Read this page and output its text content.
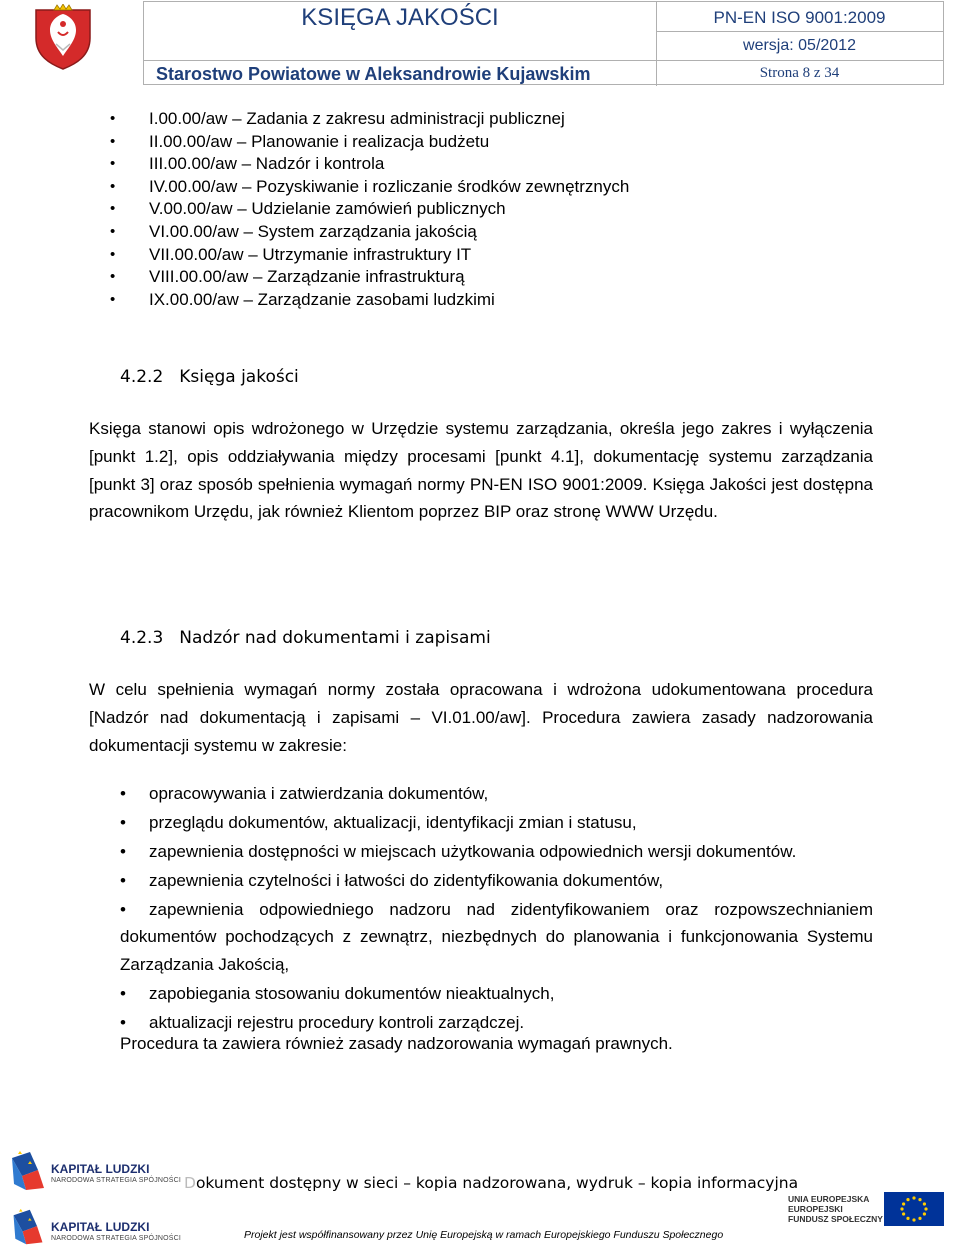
KSIĘGA JAKOŚCI	PN-EN ISO 9001:2009
wersja: 05/2012
Starostwo Powiatowe w Aleksandrowie Kujawskim	Strona 8 z 34
• I.00.00/aw – Zadania z zakresu administracji publicznej
• II.00.00/aw – Planowanie i realizacja budżetu
• III.00.00/aw – Nadzór i kontrola
• IV.00.00/aw – Pozyskiwanie i rozliczanie środków zewnętrznych
• V.00.00/aw – Udzielanie zamówień publicznych
• VI.00.00/aw – System zarządzania jakością
• VII.00.00/aw – Utrzymanie infrastruktury IT
• VIII.00.00/aw – Zarządzanie infrastrukturą
• IX.00.00/aw – Zarządzanie zasobami ludzkimi
4.2.2 Księga jakości
Księga stanowi opis wdrożonego w Urzędzie systemu zarządzania, określa jego zakres i wyłączenia [punkt 1.2], opis oddziaływania między procesami [punkt 4.1], dokumentację systemu zarządzania [punkt 3] oraz sposób spełnienia wymagań normy PN-EN ISO 9001:2009. Księga Jakości jest dostępna pracownikom Urzędu, jak również Klientom poprzez BIP oraz stronę WWW Urzędu.
4.2.3 Nadzór nad dokumentami i zapisami
W celu spełnienia wymagań normy została opracowana i wdrożona udokumentowana procedura [Nadzór nad dokumentacją i zapisami – VI.01.00/aw]. Procedura zawiera zasady nadzorowania dokumentacji systemu w zakresie:
• opracowywania i zatwierdzania dokumentów,
• przeglądu dokumentów, aktualizacji, identyfikacji zmian i statusu,
• zapewnienia dostępności w miejscach użytkowania odpowiednich wersji dokumentów.
• zapewnienia czytelności i łatwości do zidentyfikowania dokumentów,
• zapewnienia odpowiedniego nadzoru nad zidentyfikowaniem oraz rozpowszechnianiem dokumentów pochodzących z zewnątrz, niezbędnych do planowania i funkcjonowania Systemu Zarządzania Jakością,
• zapobiegania stosowaniu dokumentów nieaktualnych,
• aktualizacji rejestru procedury kontroli zarządczej.
Procedura ta zawiera również zasady nadzorowania wymagań prawnych.
KAPITAŁ LUDZKI
NARODOWA STRATEGIA SPÓJNOŚCI
KAPITAŁ LUDZKI
NARODOWA STRATEGIA SPÓJNOŚCI
Dokument dostępny w sieci – kopia nadzorowana, wydruk – kopia informacyjna
Projekt jest współfinansowany przez Unię Europejską w ramach Europejskiego Funduszu Społecznego
UNIA EUROPEJSKA
EUROPEJSKI
FUNDUSZ SPOŁECZNY
